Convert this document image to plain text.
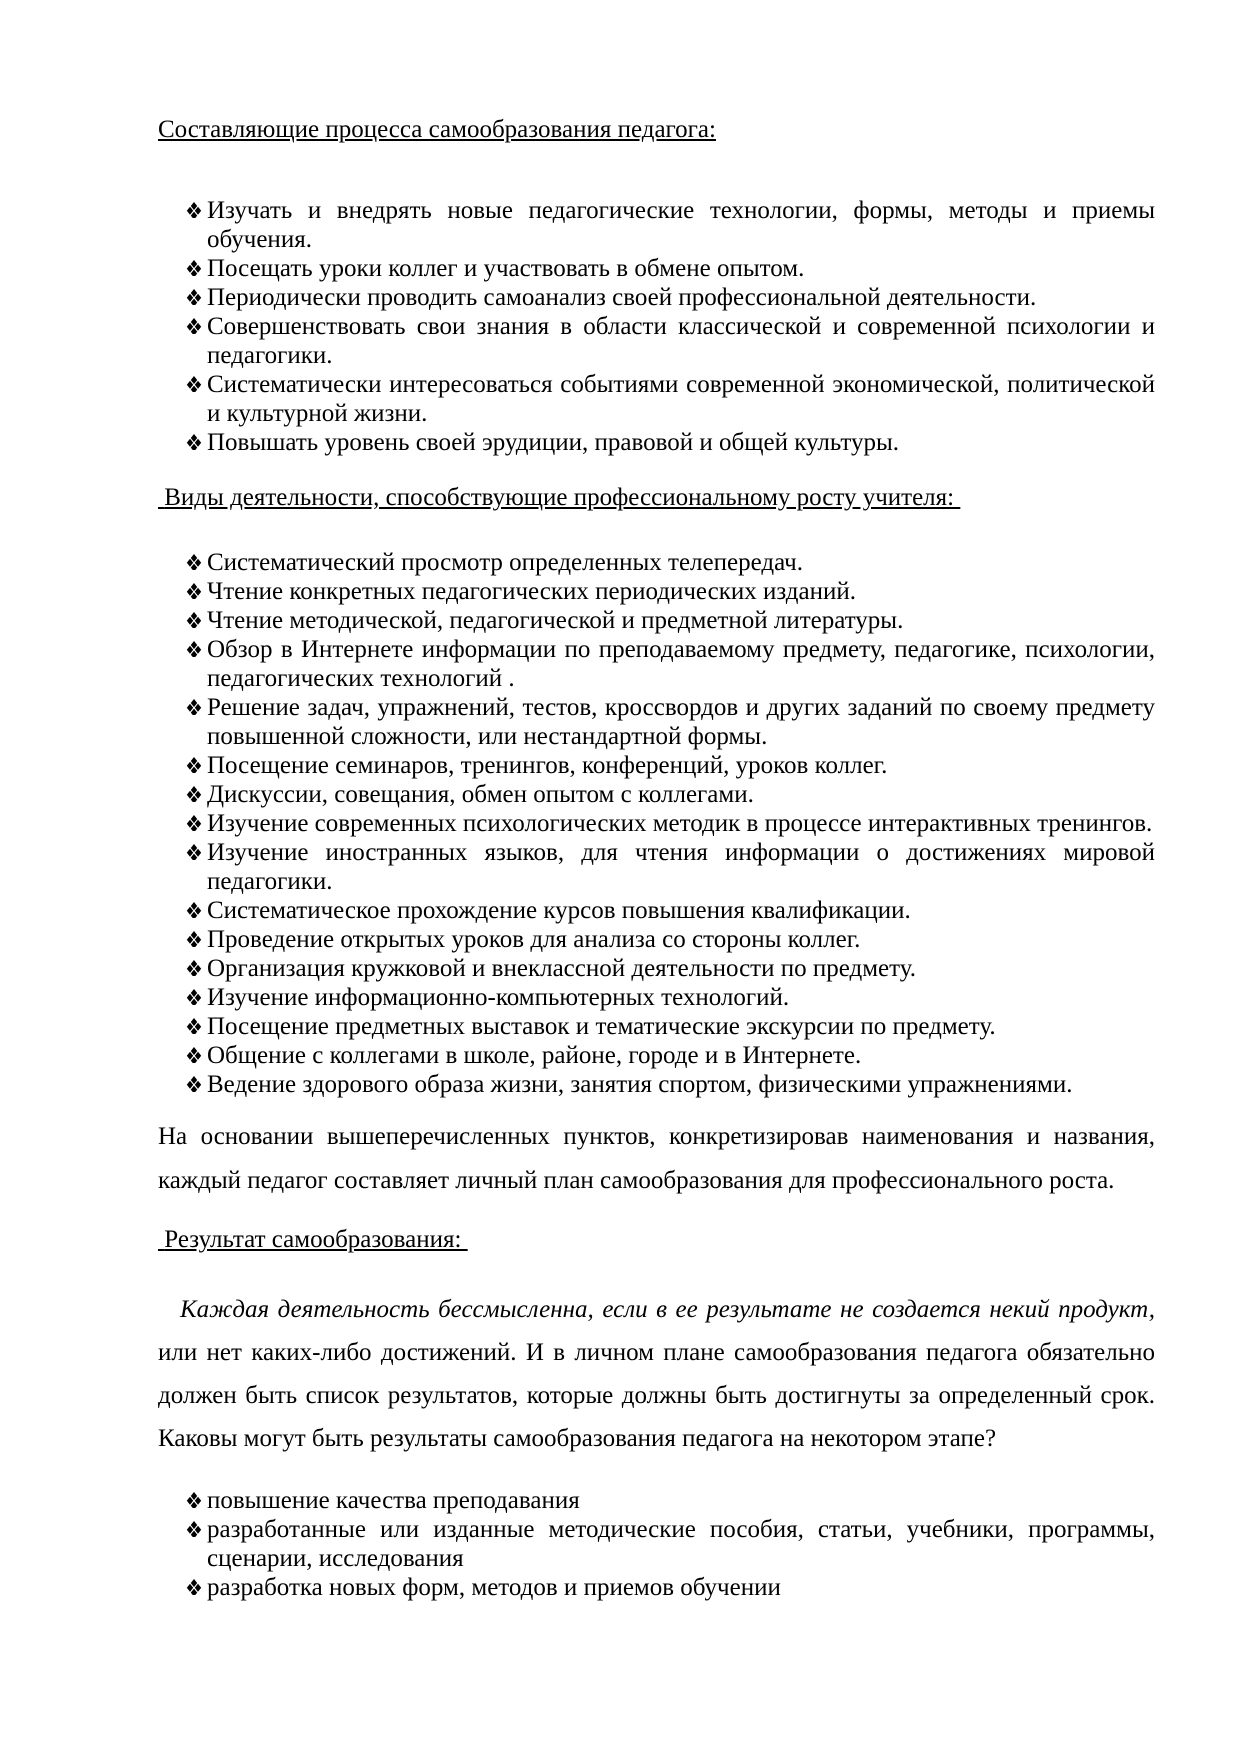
Составляющие процесса самообразования педагога:
Изучать и внедрять новые педагогические технологии, формы, методы и приемы обучения.
Посещать уроки коллег и участвовать в обмене опытом.
Периодически проводить самоанализ своей профессиональной деятельности.
Совершенствовать свои знания в области классической и современной психологии и педагогики.
Систематически интересоваться событиями современной экономической, политической и культурной жизни.
Повышать уровень своей эрудиции, правовой и общей культуры.
Виды деятельности, способствующие профессиональному росту учителя:
Систематический просмотр определенных телепередач.
Чтение конкретных педагогических периодических изданий.
Чтение методической, педагогической и предметной литературы.
Обзор в Интернете информации по преподаваемому предмету, педагогике, психологии, педагогических технологий .
Решение задач, упражнений, тестов, кроссвордов и других заданий по своему предмету повышенной сложности, или нестандартной формы.
Посещение семинаров, тренингов, конференций, уроков коллег.
Дискуссии, совещания, обмен опытом с коллегами.
Изучение современных психологических методик в процессе интерактивных тренингов.
Изучение иностранных языков, для чтения информации о достижениях мировой педагогики.
Систематическое прохождение курсов повышения квалификации.
Проведение открытых уроков для анализа со стороны коллег.
Организация кружковой и внеклассной деятельности по предмету.
Изучение информационно-компьютерных технологий.
Посещение предметных выставок и тематические экскурсии по предмету.
Общение с коллегами в школе, районе, городе и в Интернете.
Ведение здорового образа жизни, занятия спортом, физическими упражнениями.

На основании вышеперечисленных пунктов, конкретизировав наименования и названия, каждый педагог составляет личный план самообразования для профессионального роста.

Результат самообразования:

Каждая деятельность бессмысленна, если в ее результате не создается некий продукт,

или нет каких-либо достижений. И в личном плане самообразования педагога обязательно должен быть список результатов, которые должны быть достигнуты за определенный срок. Каковы могут быть результаты самообразования педагога на некотором этапе?

повышение качества преподавания
разработанные или изданные методические пособия, статьи, учебники, программы, сценарии, исследования
разработка новых форм, методов и приемов обучении
